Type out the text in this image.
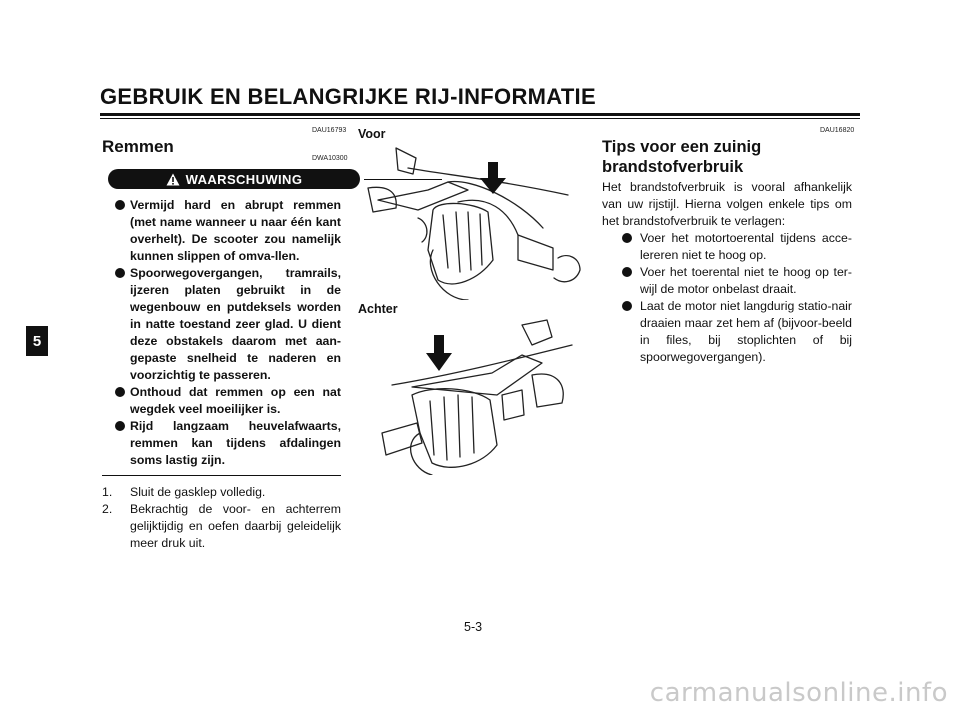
GEBRUIK EN BELANGRIJKE RIJ-INFORMATIE
5
DAU16793
Remmen
DWA10300
WAARSCHUWING
Vermijd hard en abrupt remmen (met name wanneer u naar één kant overhelt). De scooter zou namelijk kunnen slippen of omva-llen.
Spoorwegovergangen, tramrails, ijzeren platen gebruikt in de wegenbouw en putdeksels worden in natte toestand zeer glad. U dient deze obstakels daarom met aan-gepaste snelheid te naderen en voorzichtig te passeren.
Onthoud dat remmen op een nat wegdek veel moeilijker is.
Rijd langzaam heuvelafwaarts, remmen kan tijdens afdalingen soms lastig zijn.
1. Sluit de gasklep volledig.
2. Bekrachtig de voor- en achterrem gelijktijdig en oefen daarbij geleidelijk meer druk uit.
Voor
Achter
DAU16820
Tips voor een zuinig
brandstofverbruik

Het brandstofverbruik is vooral afhankelijk van uw rijstijl. Hierna volgen enkele tips om het brandstofverbruik te verlagen:

Voer het motortoerental tijdens acce-lereren niet te hoog op.
Voer het toerental niet te hoog op ter-wijl de motor onbelast draait.
Laat de motor niet langdurig statio-nair draaien maar zet hem af (bijvoor-beeld in files, bij stoplichten of bij spoorwegovergangen).
5-3
carmanualsonline.info
